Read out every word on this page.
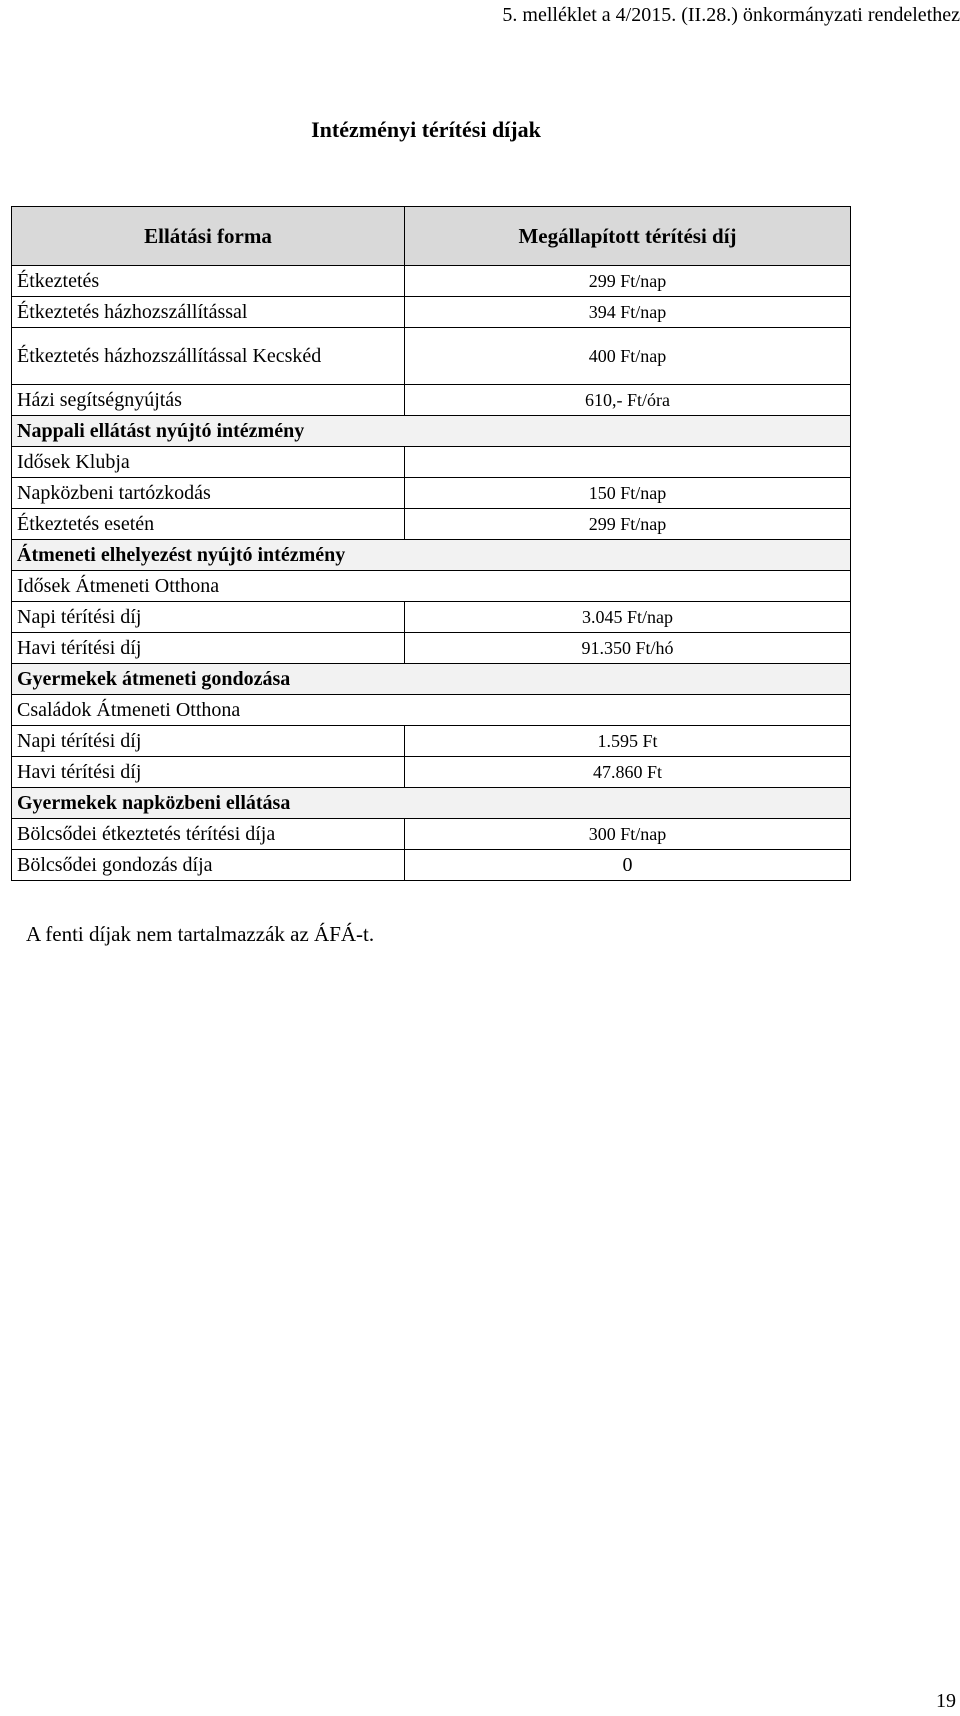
5. melléklet a 4/2015. (II.28.) önkormányzati rendelethez
Intézményi térítési díjak
Ellátási forma	Megállapított térítési díj
Étkeztetés	299 Ft/nap
Étkeztetés házhozszállítással	394 Ft/nap
Étkeztetés házhozszállítással Kecskéd	400 Ft/nap
Házi segítségnyújtás	610,- Ft/óra
Nappali ellátást nyújtó intézmény	
Idősek Klubja	
Napközbeni tartózkodás	150 Ft/nap
Étkeztetés esetén	299 Ft/nap
Átmeneti elhelyezést nyújtó intézmény	
Idősek Átmeneti Otthona	
Napi térítési díj	3.045 Ft/nap
Havi térítési díj	91.350 Ft/hó
Gyermekek átmeneti gondozása	
Családok Átmeneti Otthona	
Napi térítési díj	1.595 Ft
Havi térítési díj	47.860 Ft
Gyermekek napközbeni ellátása	
Bölcsődei étkeztetés térítési díja	300 Ft/nap
Bölcsődei gondozás díja	0
A fenti díjak nem tartalmazzák az ÁFÁ-t.
19
